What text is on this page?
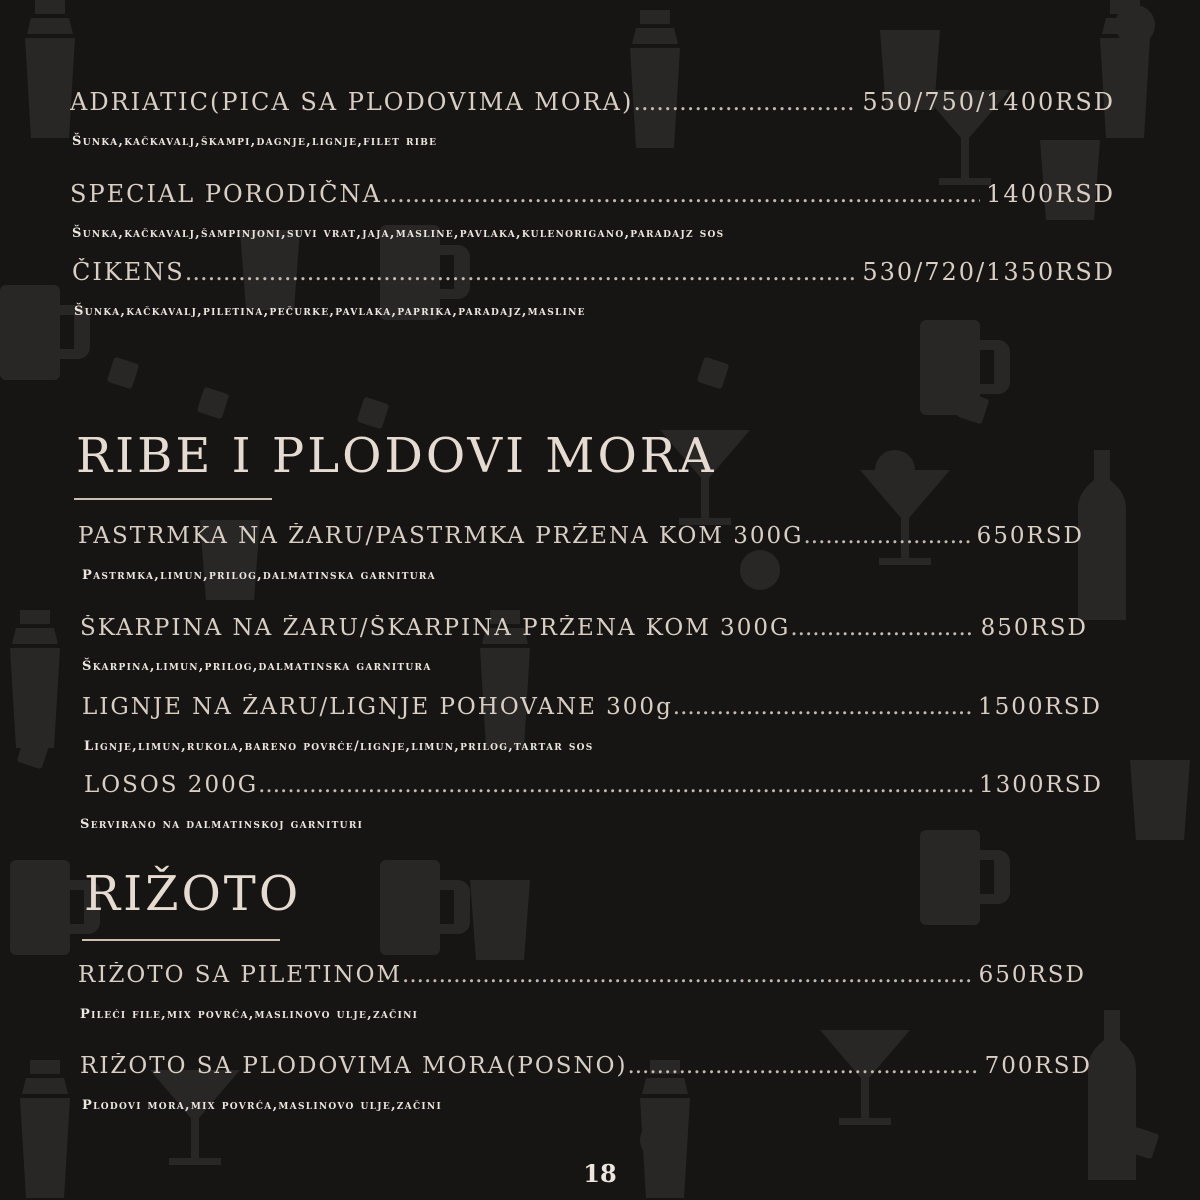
ADRIATIC(PICA SA PLODOVIMA MORA) .....	550/750/1400RSD
Šunka,kačkavalj,škampi,dagnje,lignje,filet ribe
SPECIAL PORODIČNA .....	1400RSD
Šunka,kačkavalj,šampinjoni,suvi vrat,jaja,masline,pavlaka,kulenorigano,paradajz sos
ČIKENS .....	530/720/1350RSD
Šunka,kačkavalj,piletina,pečurke,pavlaka,paprika,paradajz,masline
RIBE I PLODOVI MORA
PASTRMKA NA ŽARU/PASTRMKA PRŽENA KOM 300G .....	650RSD
Pastrmka,limun,prilog,dalmatinska garnitura
ŠKARPINA NA ŽARU/ŠKARPINA PRŽENA KOM 300G .....	850RSD
Škarpina,limun,prilog,dalmatinska garnitura
LIGNJE NA ŽARU/LIGNJE POHOVANE 300g .....	1500RSD
Lignje,limun,rukola,bareno povrće/lignje,limun,prilog,tartar sos
LOSOS 200G .....	1300RSD
Servirano na dalmatinskoj garnituri
RIŽOTO
RIŽOTO SA PILETINOM .....	650RSD
Pileći file,mix povrća,maslinovo ulje,začini
RIŽOTO SA PLODOVIMA MORA(POSNO) .....	700RSD
Plodovi mora,mix povrća,maslinovo ulje,začini
18
